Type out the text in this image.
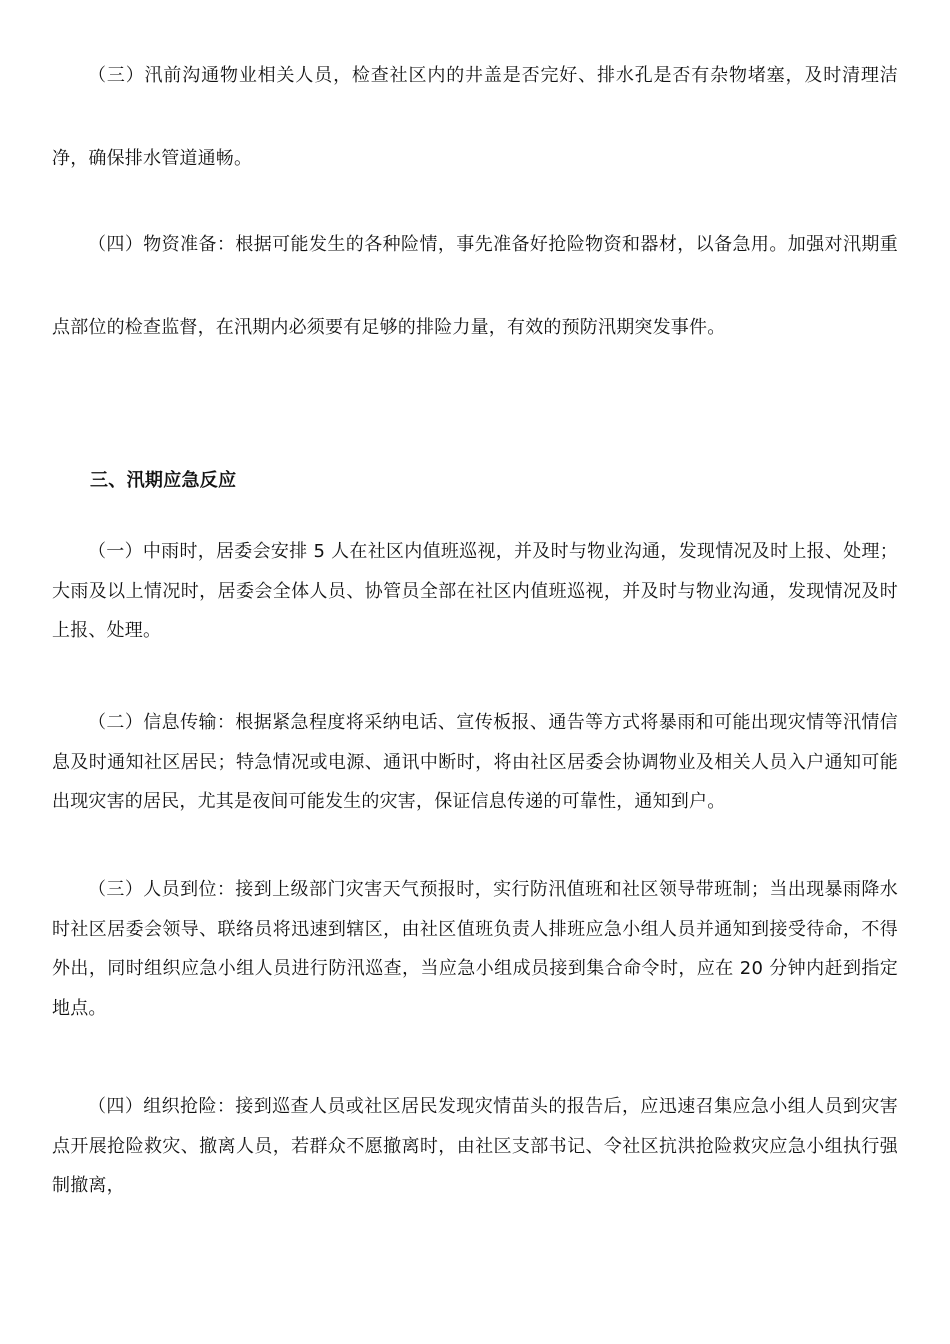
（三）汛前沟通物业相关人员，检查社区内的井盖是否完好、排水孔是否有杂物堵塞，及时清理洁净，确保排水管道通畅。

（四）物资准备：根据可能发生的各种险情，事先准备好抢险物资和器材，以备急用。加强对汛期重点部位的检查监督，在汛期内必须要有足够的排险力量，有效的预防汛期突发事件。

三、汛期应急反应

（一）中雨时，居委会安排 5 人在社区内值班巡视，并及时与物业沟通，发现情况及时上报、处理；大雨及以上情况时，居委会全体人员、协管员全部在社区内值班巡视，并及时与物业沟通，发现情况及时上报、处理。

（二）信息传输：根据紧急程度将采纳电话、宣传板报、通告等方式将暴雨和可能出现灾情等汛情信息及时通知社区居民；特急情况或电源、通讯中断时，将由社区居委会协调物业及相关人员入户通知可能出现灾害的居民，尤其是夜间可能发生的灾害，保证信息传递的可靠性，通知到户。

（三）人员到位：接到上级部门灾害天气预报时，实行防汛值班和社区领导带班制；当出现暴雨降水时社区居委会领导、联络员将迅速到辖区，由社区值班负责人排班应急小组人员并通知到接受待命，不得外出，同时组织应急小组人员进行防汛巡查，当应急小组成员接到集合命令时，应在 20 分钟内赶到指定地点。

（四）组织抢险：接到巡查人员或社区居民发现灾情苗头的报告后，应迅速召集应急小组人员到灾害点开展抢险救灾、撤离人员，若群众不愿撤离时，由社区支部书记、令社区抗洪抢险救灾应急小组执行强制撤离，
